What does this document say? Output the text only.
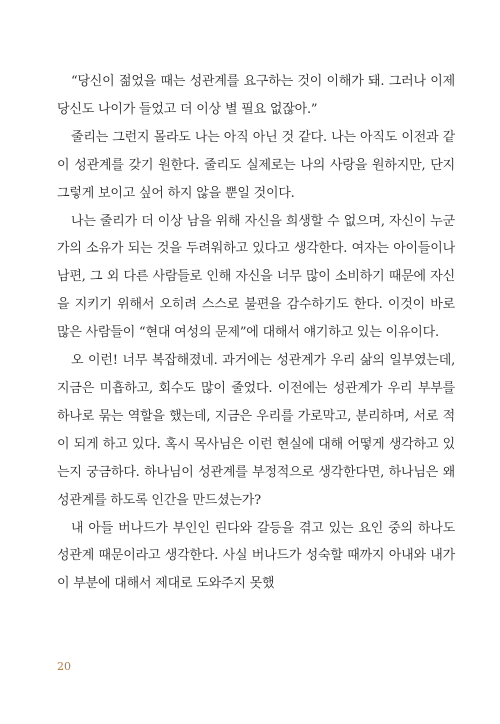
“당신이 젊었을 때는 성관계를 요구하는 것이 이해가 돼. 그러나 이제 당신도 나이가 들었고 더 이상 별 필요 없잖아.”

줄리는 그런지 몰라도 나는 아직 아닌 것 같다. 나는 아직도 이전과 같이 성관계를 갖기 원한다. 줄리도 실제로는 나의 사랑을 원하지만, 단지 그렇게 보이고 싶어 하지 않을 뿐일 것이다.

나는 줄리가 더 이상 남을 위해 자신을 희생할 수 없으며, 자신이 누군가의 소유가 되는 것을 두려워하고 있다고 생각한다. 여자는 아이들이나 남편, 그 외 다른 사람들로 인해 자신을 너무 많이 소비하기 때문에 자신을 지키기 위해서 오히려 스스로 불편을 감수하기도 한다. 이것이 바로 많은 사람들이 “현대 여성의 문제”에 대해서 얘기하고 있는 이유이다.

오 이런! 너무 복잡해졌네. 과거에는 성관계가 우리 삶의 일부였는데, 지금은 미흡하고, 회수도 많이 줄었다. 이전에는 성관계가 우리 부부를 하나로 묶는 역할을 했는데, 지금은 우리를 가로막고, 분리하며, 서로 적이 되게 하고 있다. 혹시 목사님은 이런 현실에 대해 어떻게 생각하고 있는지 궁금하다. 하나님이 성관계를 부정적으로 생각한다면, 하나님은 왜 성관계를 하도록 인간을 만드셨는가?

내 아들 버나드가 부인인 린다와 갈등을 겪고 있는 요인 중의 하나도 성관계 때문이라고 생각한다. 사실 버나드가 성숙할 때까지 아내와 내가 이 부분에 대해서 제대로 도와주지 못했

20
